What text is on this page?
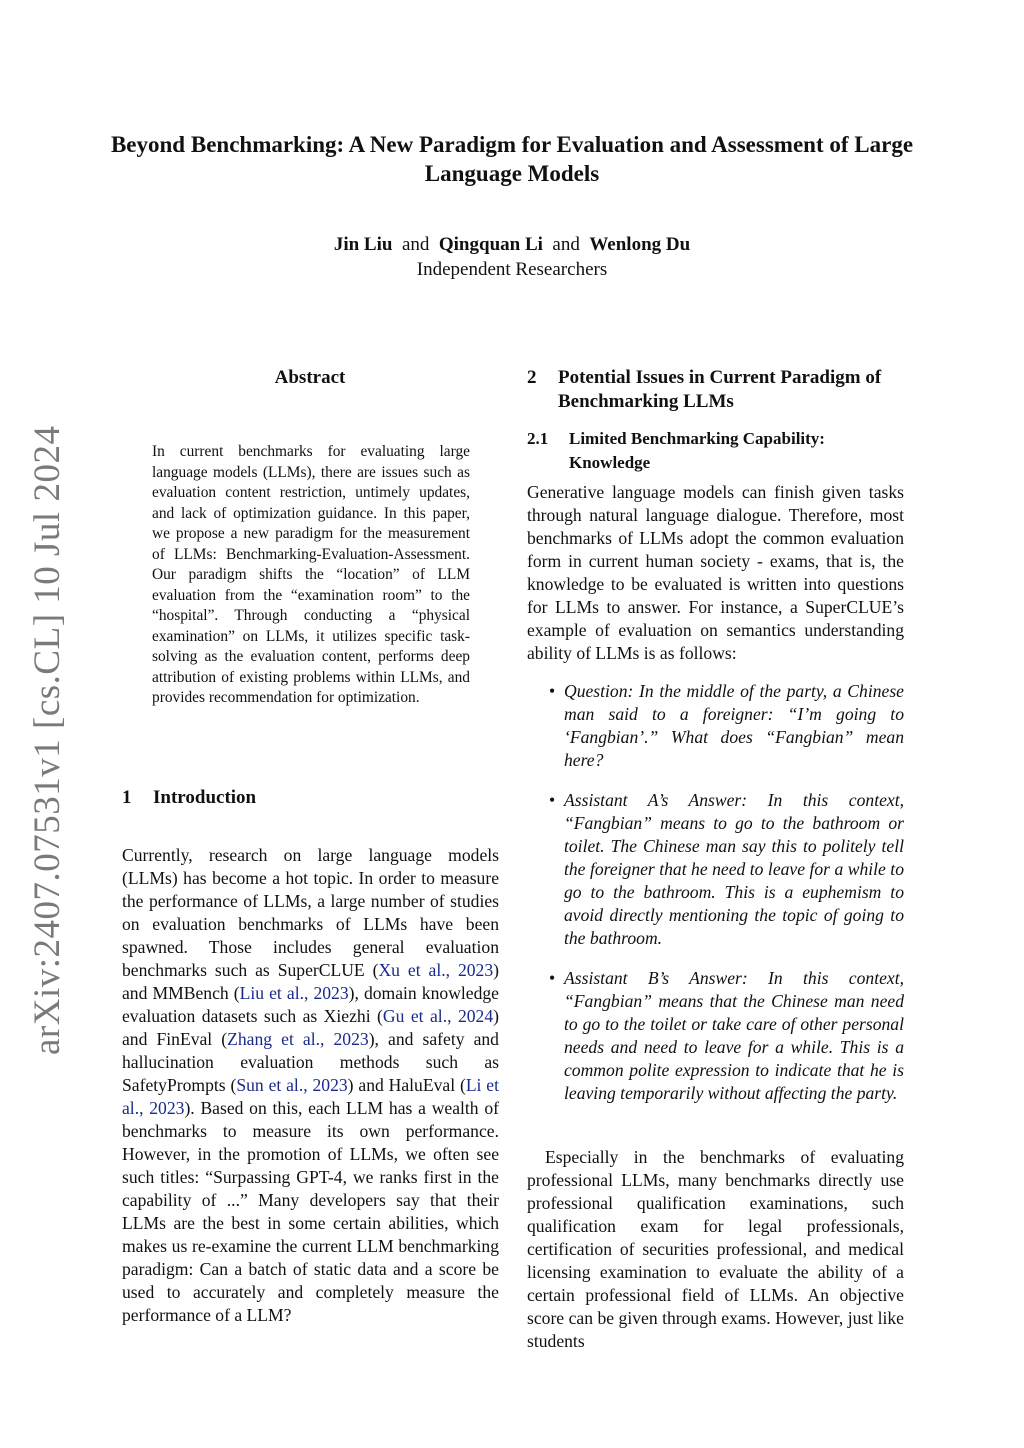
Beyond Benchmarking: A New Paradigm for Evaluation and Assessment of Large Language Models
Jin Liu and Qingquan Li and Wenlong Du
Independent Researchers
arXiv:2407.07531v1 [cs.CL] 10 Jul 2024
Abstract
In current benchmarks for evaluating large language models (LLMs), there are issues such as evaluation content restriction, untimely updates, and lack of optimization guidance. In this paper, we propose a new paradigm for the measurement of LLMs: Benchmarking-Evaluation-Assessment. Our paradigm shifts the “location” of LLM evaluation from the “examination room” to the “hospital”. Through conducting a “physical examination” on LLMs, it utilizes specific task-solving as the evaluation content, performs deep attribution of existing problems within LLMs, and provides recommendation for optimization.
1 Introduction
Currently, research on large language models (LLMs) has become a hot topic. In order to measure the performance of LLMs, a large number of studies on evaluation benchmarks of LLMs have been spawned. Those includes general evaluation benchmarks such as SuperCLUE (Xu et al., 2023) and MMBench (Liu et al., 2023), domain knowledge evaluation datasets such as Xiezhi (Gu et al., 2024) and FinEval (Zhang et al., 2023), and safety and hallucination evaluation methods such as SafetyPrompts (Sun et al., 2023) and HaluEval (Li et al., 2023). Based on this, each LLM has a wealth of benchmarks to measure its own performance. However, in the promotion of LLMs, we often see such titles: “Surpassing GPT-4, we ranks first in the capability of ...” Many developers say that their LLMs are the best in some certain abilities, which makes us re-examine the current LLM benchmarking paradigm: Can a batch of static data and a score be used to accurately and completely measure the performance of a LLM?
2 Potential Issues in Current Paradigm of Benchmarking LLMs
2.1 Limited Benchmarking Capability: Knowledge
Generative language models can finish given tasks through natural language dialogue. Therefore, most benchmarks of LLMs adopt the common evaluation form in current human society - exams, that is, the knowledge to be evaluated is written into questions for LLMs to answer. For instance, a SuperCLUE’s example of evaluation on semantics understanding ability of LLMs is as follows:
• Question: In the middle of the party, a Chinese man said to a foreigner: “I’m going to ‘Fangbian’.” What does “Fangbian” mean here?
• Assistant A’s Answer: In this context, “Fangbian” means to go to the bathroom or toilet. The Chinese man say this to politely tell the foreigner that he need to leave for a while to go to the bathroom. This is a euphemism to avoid directly mentioning the topic of going to the bathroom.
• Assistant B’s Answer: In this context, “Fangbian” means that the Chinese man need to go to the toilet or take care of other personal needs and need to leave for a while. This is a common polite expression to indicate that he is leaving temporarily without affecting the party.
Especially in the benchmarks of evaluating professional LLMs, many benchmarks directly use professional qualification examinations, such qualification exam for legal professionals, certification of securities professional, and medical licensing examination to evaluate the ability of a certain professional field of LLMs. An objective score can be given through exams. However, just like students
